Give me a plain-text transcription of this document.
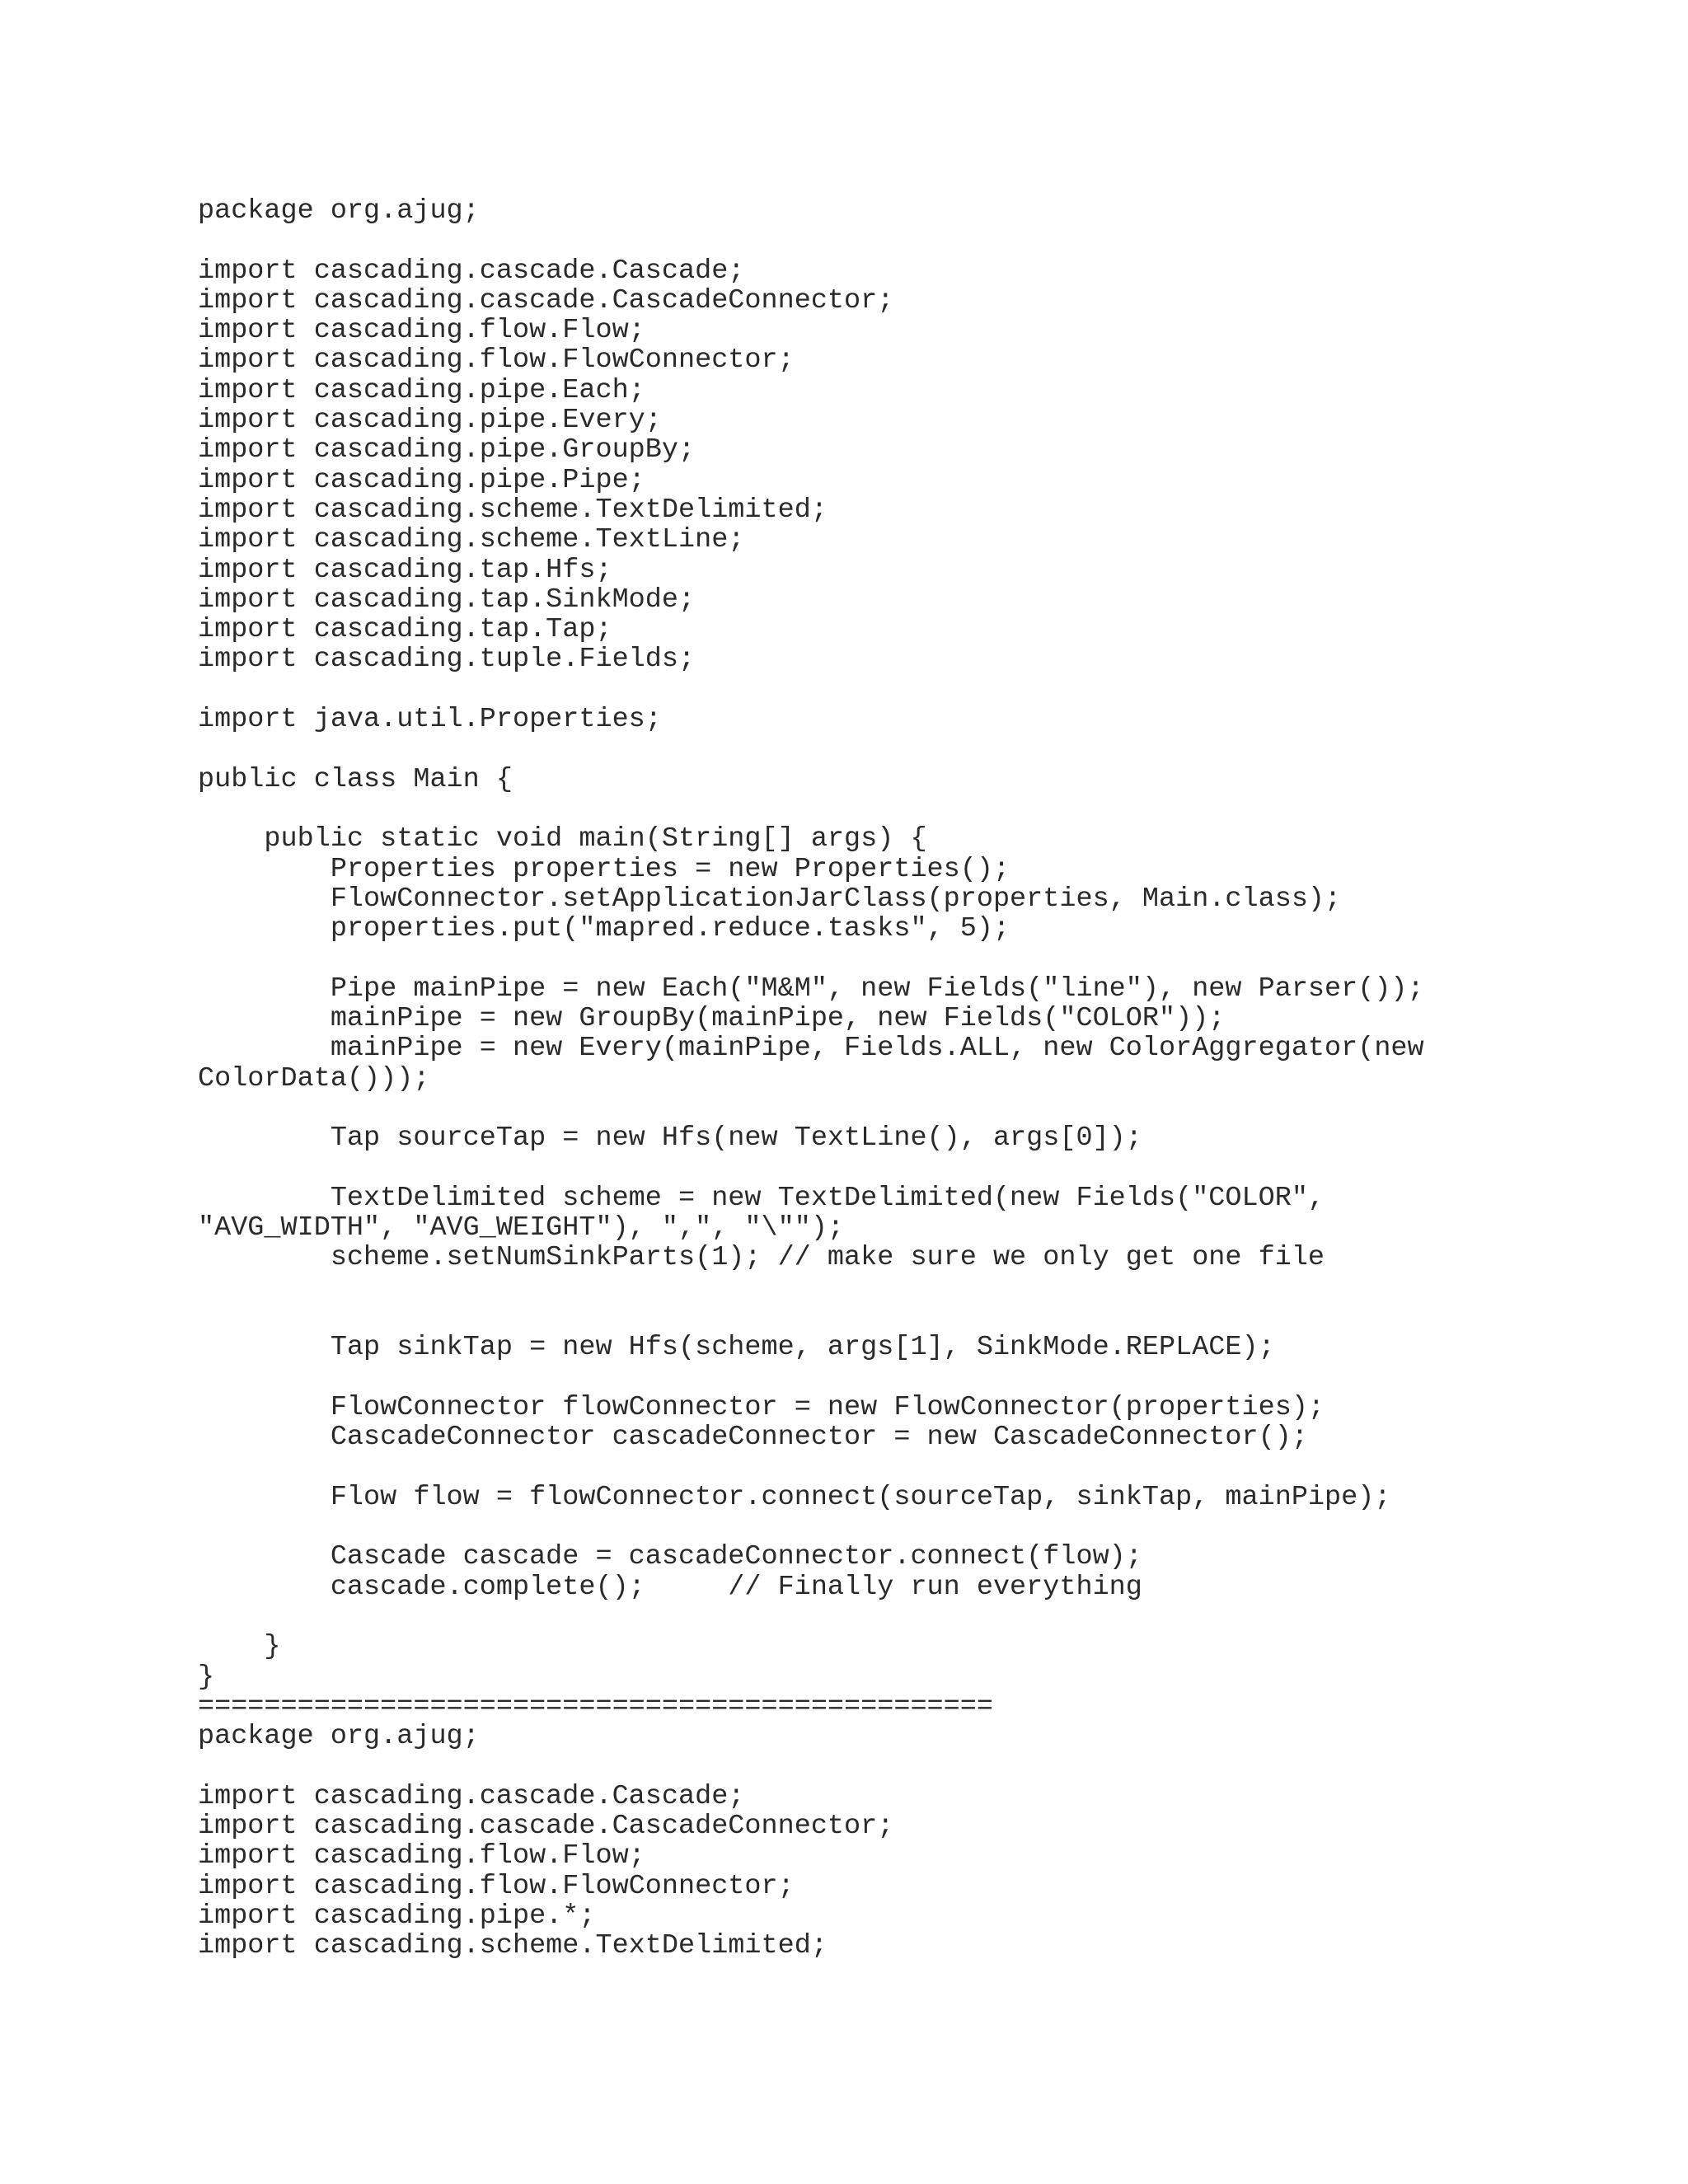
package org.ajug;
import cascading.cascade.Cascade;
import cascading.cascade.CascadeConnector;
import cascading.flow.Flow;
import cascading.flow.FlowConnector;
import cascading.pipe.Each;
import cascading.pipe.Every;
import cascading.pipe.GroupBy;
import cascading.pipe.Pipe;
import cascading.scheme.TextDelimited;
import cascading.scheme.TextLine;
import cascading.tap.Hfs;
import cascading.tap.SinkMode;
import cascading.tap.Tap;
import cascading.tuple.Fields;
import java.util.Properties;
public class Main {
public static void main(String[] args) {
Properties properties = new Properties();
FlowConnector.setApplicationJarClass(properties, Main.class);
properties.put("mapred.reduce.tasks", 5);
Pipe mainPipe = new Each("M&M", new Fields("line"), new Parser());
mainPipe = new GroupBy(mainPipe, new Fields("COLOR"));
mainPipe = new Every(mainPipe, Fields.ALL, new ColorAggregator(new
ColorData()));
Tap sourceTap = new Hfs(new TextLine(), args[0]);
TextDelimited scheme = new TextDelimited(new Fields("COLOR",
"AVG_WIDTH", "AVG_WEIGHT"), ",", "\"");
scheme.setNumSinkParts(1); // make sure we only get one file
Tap sinkTap = new Hfs(scheme, args[1], SinkMode.REPLACE);
FlowConnector flowConnector = new FlowConnector(properties);
CascadeConnector cascadeConnector = new CascadeConnector();
Flow flow = flowConnector.connect(sourceTap, sinkTap, mainPipe);
Cascade cascade = cascadeConnector.connect(flow);
cascade.complete();     // Finally run everything
}
}
================================================
package org.ajug;
import cascading.cascade.Cascade;
import cascading.cascade.CascadeConnector;
import cascading.flow.Flow;
import cascading.flow.FlowConnector;
import cascading.pipe.*;
import cascading.scheme.TextDelimited;
